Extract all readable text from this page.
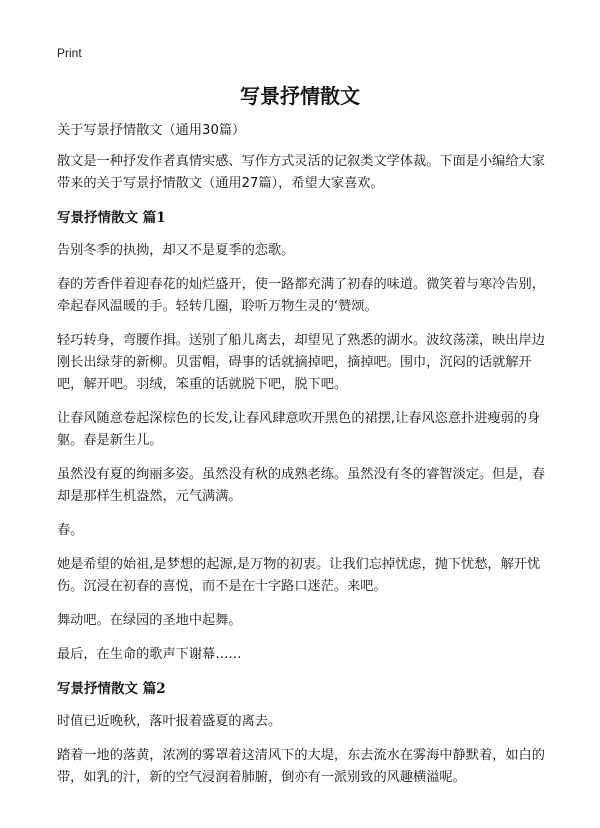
Print
写景抒情散文

关于写景抒情散文（通用30篇）

散文是一种抒发作者真情实感、写作方式灵活的记叙类文学体裁。下面是小编给大家带来的关于写景抒情散文（通用27篇），希望大家喜欢。

写景抒情散文 篇1

告别冬季的执拗，却又不是夏季的恋歌。

春的芳香伴着迎春花的灿烂盛开，使一路都充满了初春的味道。微笑着与寒冷告别，牵起春风温暖的手。轻转几圈，聆听万物生灵的‘赞颂。

轻巧转身，弯腰作揖。送别了船儿离去，却望见了熟悉的湖水。波纹荡漾，映出岸边刚长出绿芽的新柳。贝雷帽，碍事的话就摘掉吧，摘掉吧。围巾，沉闷的话就解开吧，解开吧。羽绒，笨重的话就脱下吧，脱下吧。

让春风随意卷起深棕色的长发,让春风肆意吹开黑色的裙摆,让春风恣意扑进瘦弱的身躯。春是新生儿。

虽然没有夏的绚丽多姿。虽然没有秋的成熟老练。虽然没有冬的睿智淡定。但是，春却是那样生机盎然，元气满满。

春。

她是希望的始祖,是梦想的起源,是万物的初衷。让我们忘掉忧虑，抛下忧愁，解开忧伤。沉浸在初春的喜悦，而不是在十字路口迷茫。来吧。

舞动吧。在绿园的圣地中起舞。

最后，在生命的歌声下谢幕……

写景抒情散文 篇2

时值已近晚秋，落叶报着盛夏的离去。

踏着一地的落黄，浓冽的雾罩着这清风下的大堤，东去流水在雾海中静默着，如白的带，如乳的汁，新的空气浸润着肺腑，倒亦有一派别致的风趣横溢呢。
